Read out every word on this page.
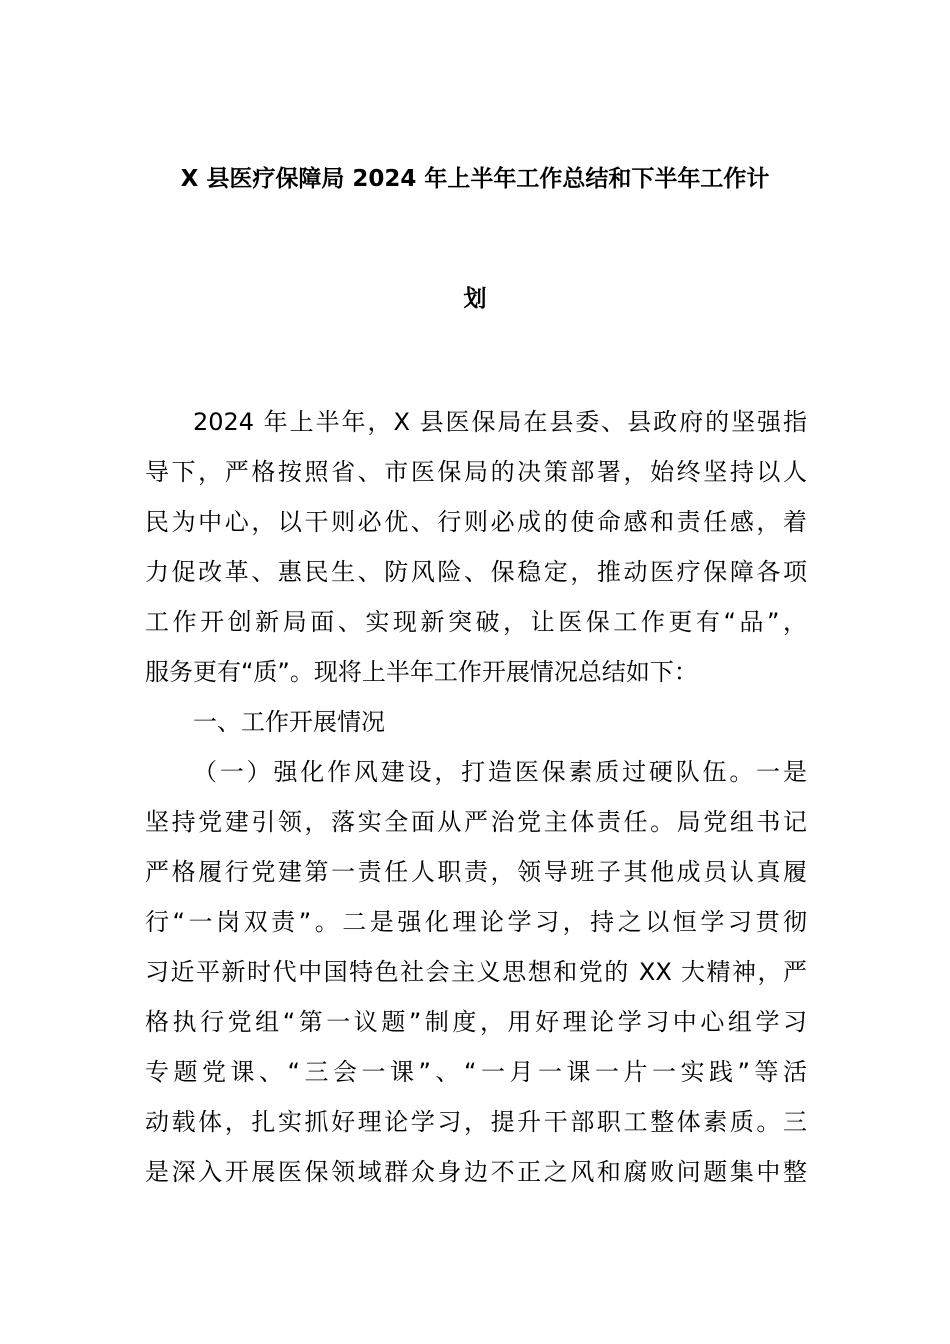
X 县医疗保障局 2024 年上半年工作总结和下半年工作计
划
2024 年上半年，X 县医保局在县委、县政府的坚强指
导下，严格按照省、市医保局的决策部署，始终坚持以人
民为中心，以干则必优、行则必成的使命感和责任感，着
力促改革、惠民生、防风险、保稳定，推动医疗保障各项
工作开创新局面、实现新突破，让医保工作更有“品”，
服务更有“质”。现将上半年工作开展情况总结如下：
一、工作开展情况
（一）强化作风建设，打造医保素质过硬队伍。一是
坚持党建引领，落实全面从严治党主体责任。局党组书记
严格履行党建第一责任人职责，领导班子其他成员认真履
行“一岗双责”。二是强化理论学习，持之以恒学习贯彻
习近平新时代中国特色社会主义思想和党的 XX 大精神，严
格执行党组“第一议题”制度，用好理论学习中心组学习
专题党课、“三会一课”、“一月一课一片一实践”等活
动载体，扎实抓好理论学习，提升干部职工整体素质。三
是深入开展医保领域群众身边不正之风和腐败问题集中整
